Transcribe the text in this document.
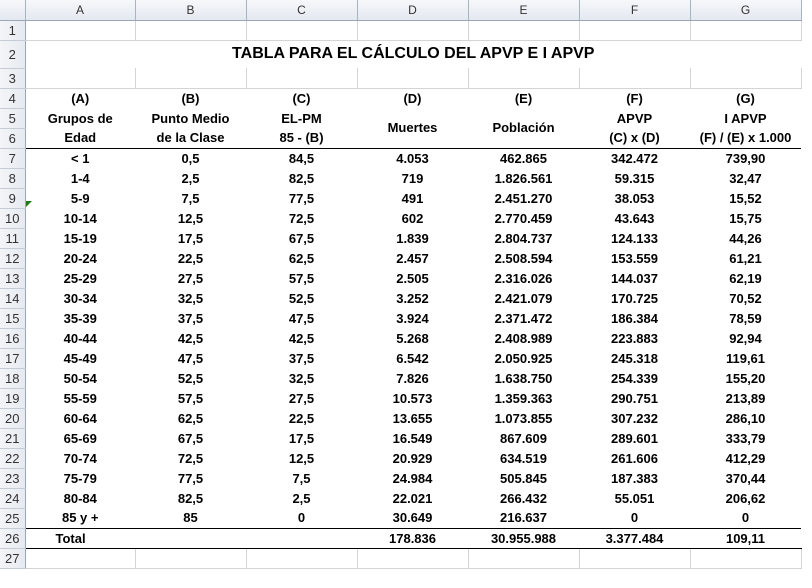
	A	B	C	D	E	F	G
1							
2	TABLA PARA EL CÁLCULO DEL APVP E I APVP						
3							
4	(A)	(B)	(C)	(D)	(E)	(F)	(G)
5	Grupos de	Punto Medio	EL-PM	Muertes	Población	APVP	I APVP
6	Edad	de la Clase	85 - (B)			(C) x (D)	(F) / (E) x 1.000
7	< 1	0,5	84,5	4.053	462.865	342.472	739,90
8	1-4	2,5	82,5	719	1.826.561	59.315	32,47
9	5-9	7,5	77,5	491	2.451.270	38.053	15,52
10	10-14	12,5	72,5	602	2.770.459	43.643	15,75
11	15-19	17,5	67,5	1.839	2.804.737	124.133	44,26
12	20-24	22,5	62,5	2.457	2.508.594	153.559	61,21
13	25-29	27,5	57,5	2.505	2.316.026	144.037	62,19
14	30-34	32,5	52,5	3.252	2.421.079	170.725	70,52
15	35-39	37,5	47,5	3.924	2.371.472	186.384	78,59
16	40-44	42,5	42,5	5.268	2.408.989	223.883	92,94
17	45-49	47,5	37,5	6.542	2.050.925	245.318	119,61
18	50-54	52,5	32,5	7.826	1.638.750	254.339	155,20
19	55-59	57,5	27,5	10.573	1.359.363	290.751	213,89
20	60-64	62,5	22,5	13.655	1.073.855	307.232	286,10
21	65-69	67,5	17,5	16.549	867.609	289.601	333,79
22	70-74	72,5	12,5	20.929	634.519	261.606	412,29
23	75-79	77,5	7,5	24.984	505.845	187.383	370,44
24	80-84	82,5	2,5	22.021	266.432	55.051	206,62
25	85 y +	85	0	30.649	216.637	0	0
26	Total			178.836	30.955.988	3.377.484	109,11
27							
